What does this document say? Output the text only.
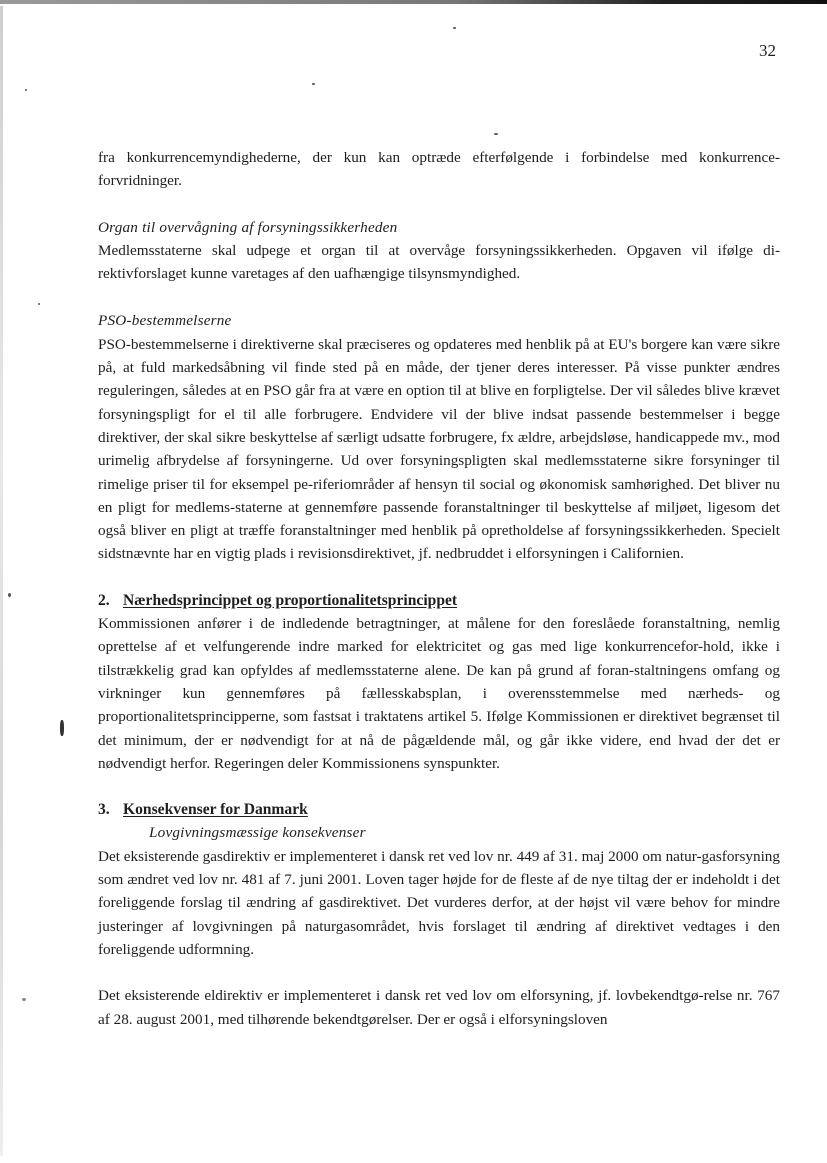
32

fra konkurrencemyndighederne, der kun kan optræde efterfølgende i forbindelse med konkurrence-forvridninger.

Organ til overvågning af forsyningssikkerheden

Medlemsstaterne skal udpege et organ til at overvåge forsyningssikkerheden. Opgaven vil ifølge di-rektivforslaget kunne varetages af den uafhængige tilsynsmyndighed.

PSO-bestemmelserne

PSO-bestemmelserne i direktiverne skal præciseres og opdateres med henblik på at EU's borgere kan være sikre på, at fuld markedsåbning vil finde sted på en måde, der tjener deres interesser. På visse punkter ændres reguleringen, således at en PSO går fra at være en option til at blive en forpligtelse. Der vil således blive krævet forsyningspligt for el til alle forbrugere. Endvidere vil der blive indsat passende bestemmelser i begge direktiver, der skal sikre beskyttelse af særligt udsatte forbrugere, fx ældre, arbejdsløse, handicappede mv., mod urimelig afbrydelse af forsyningerne. Ud over forsyningspligten skal medlemsstaterne sikre forsyninger til rimelige priser til for eksempel pe-riferiområder af hensyn til social og økonomisk samhørighed. Det bliver nu en pligt for medlems-staterne at gennemføre passende foranstaltninger til beskyttelse af miljøet, ligesom det også bliver en pligt at træffe foranstaltninger med henblik på opretholdelse af forsyningssikkerheden. Specielt sidstnævnte har en vigtig plads i revisionsdirektivet, jf. nedbruddet i elforsyningen i Californien.

2. Nærhedsprincippet og proportionalitetsprincippet

Kommissionen anfører i de indledende betragtninger, at målene for den foreslåede foranstaltning, nemlig oprettelse af et velfungerende indre marked for elektricitet og gas med lige konkurrencefor-hold, ikke i tilstrækkelig grad kan opfyldes af medlemsstaterne alene. De kan på grund af foran-staltningens omfang og virkninger kun gennemføres på fællesskabsplan, i overensstemmelse med nærheds- og proportionalitetsprincipperne, som fastsat i traktatens artikel 5. Ifølge Kommissionen er direktivet begrænset til det minimum, der er nødvendigt for at nå de pågældende mål, og går ikke videre, end hvad der det er nødvendigt herfor. Regeringen deler Kommissionens synspunkter.

3. Konsekvenser for Danmark

Lovgivningsmæssige konsekvenser

Det eksisterende gasdirektiv er implementeret i dansk ret ved lov nr. 449 af 31. maj 2000 om natur-gasforsyning som ændret ved lov nr. 481 af 7. juni 2001. Loven tager højde for de fleste af de nye tiltag der er indeholdt i det foreliggende forslag til ændring af gasdirektivet. Det vurderes derfor, at der højst vil være behov for mindre justeringer af lovgivningen på naturgasområdet, hvis forslaget til ændring af direktivet vedtages i den foreliggende udformning.

Det eksisterende eldirektiv er implementeret i dansk ret ved lov om elforsyning, jf. lovbekendtgø-relse nr. 767 af 28. august 2001, med tilhørende bekendtgørelser. Der er også i elforsyningsloven
